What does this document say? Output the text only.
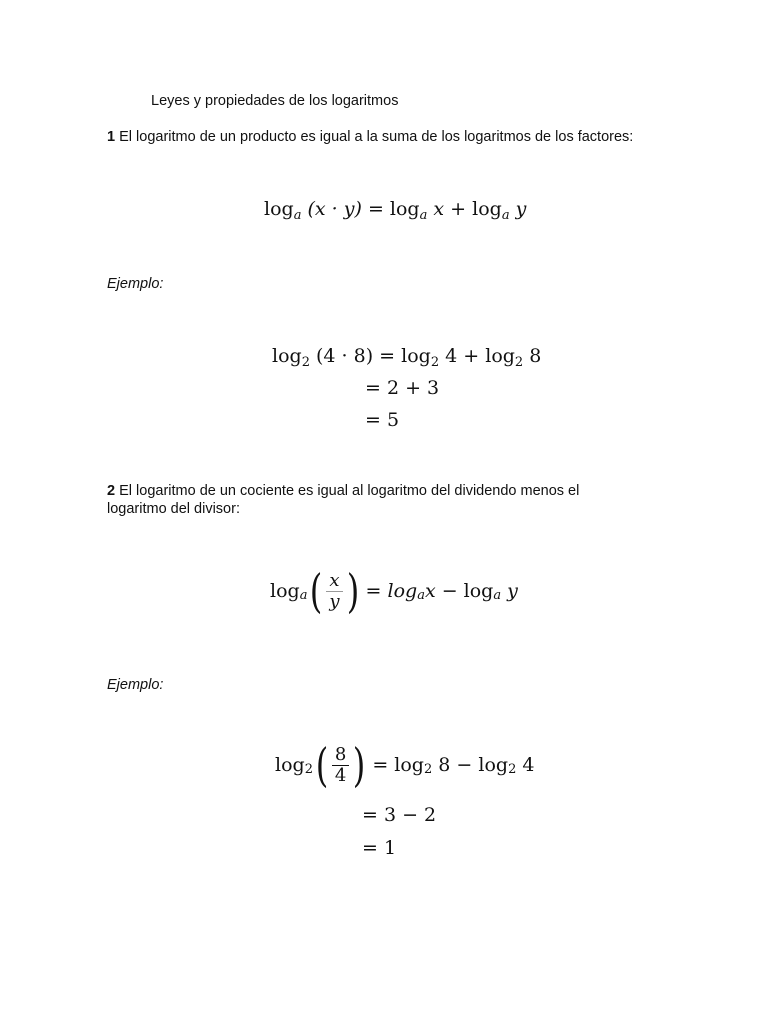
Leyes y propiedades de los logaritmos
1 El logaritmo de un producto es igual a la suma de los logaritmos de los factores:
$\log_a (x \cdot y) = \log_a x + \log_a y$
Ejemplo:
$\log_2 (4 \cdot 8) = \log_2 4 + \log_2 8$
= 2 + 3
= 5
2 El logaritmo de un cociente es igual al logaritmo del dividendo menos el
logaritmo del divisor:
log a ( $\frac{x}{y}$ ) =
log a x − log a y
Ejemplo:
log 2 ( $\frac{8}{4}$ ) = log 2 8 − log 2 4
= 3 − 2
= 1
